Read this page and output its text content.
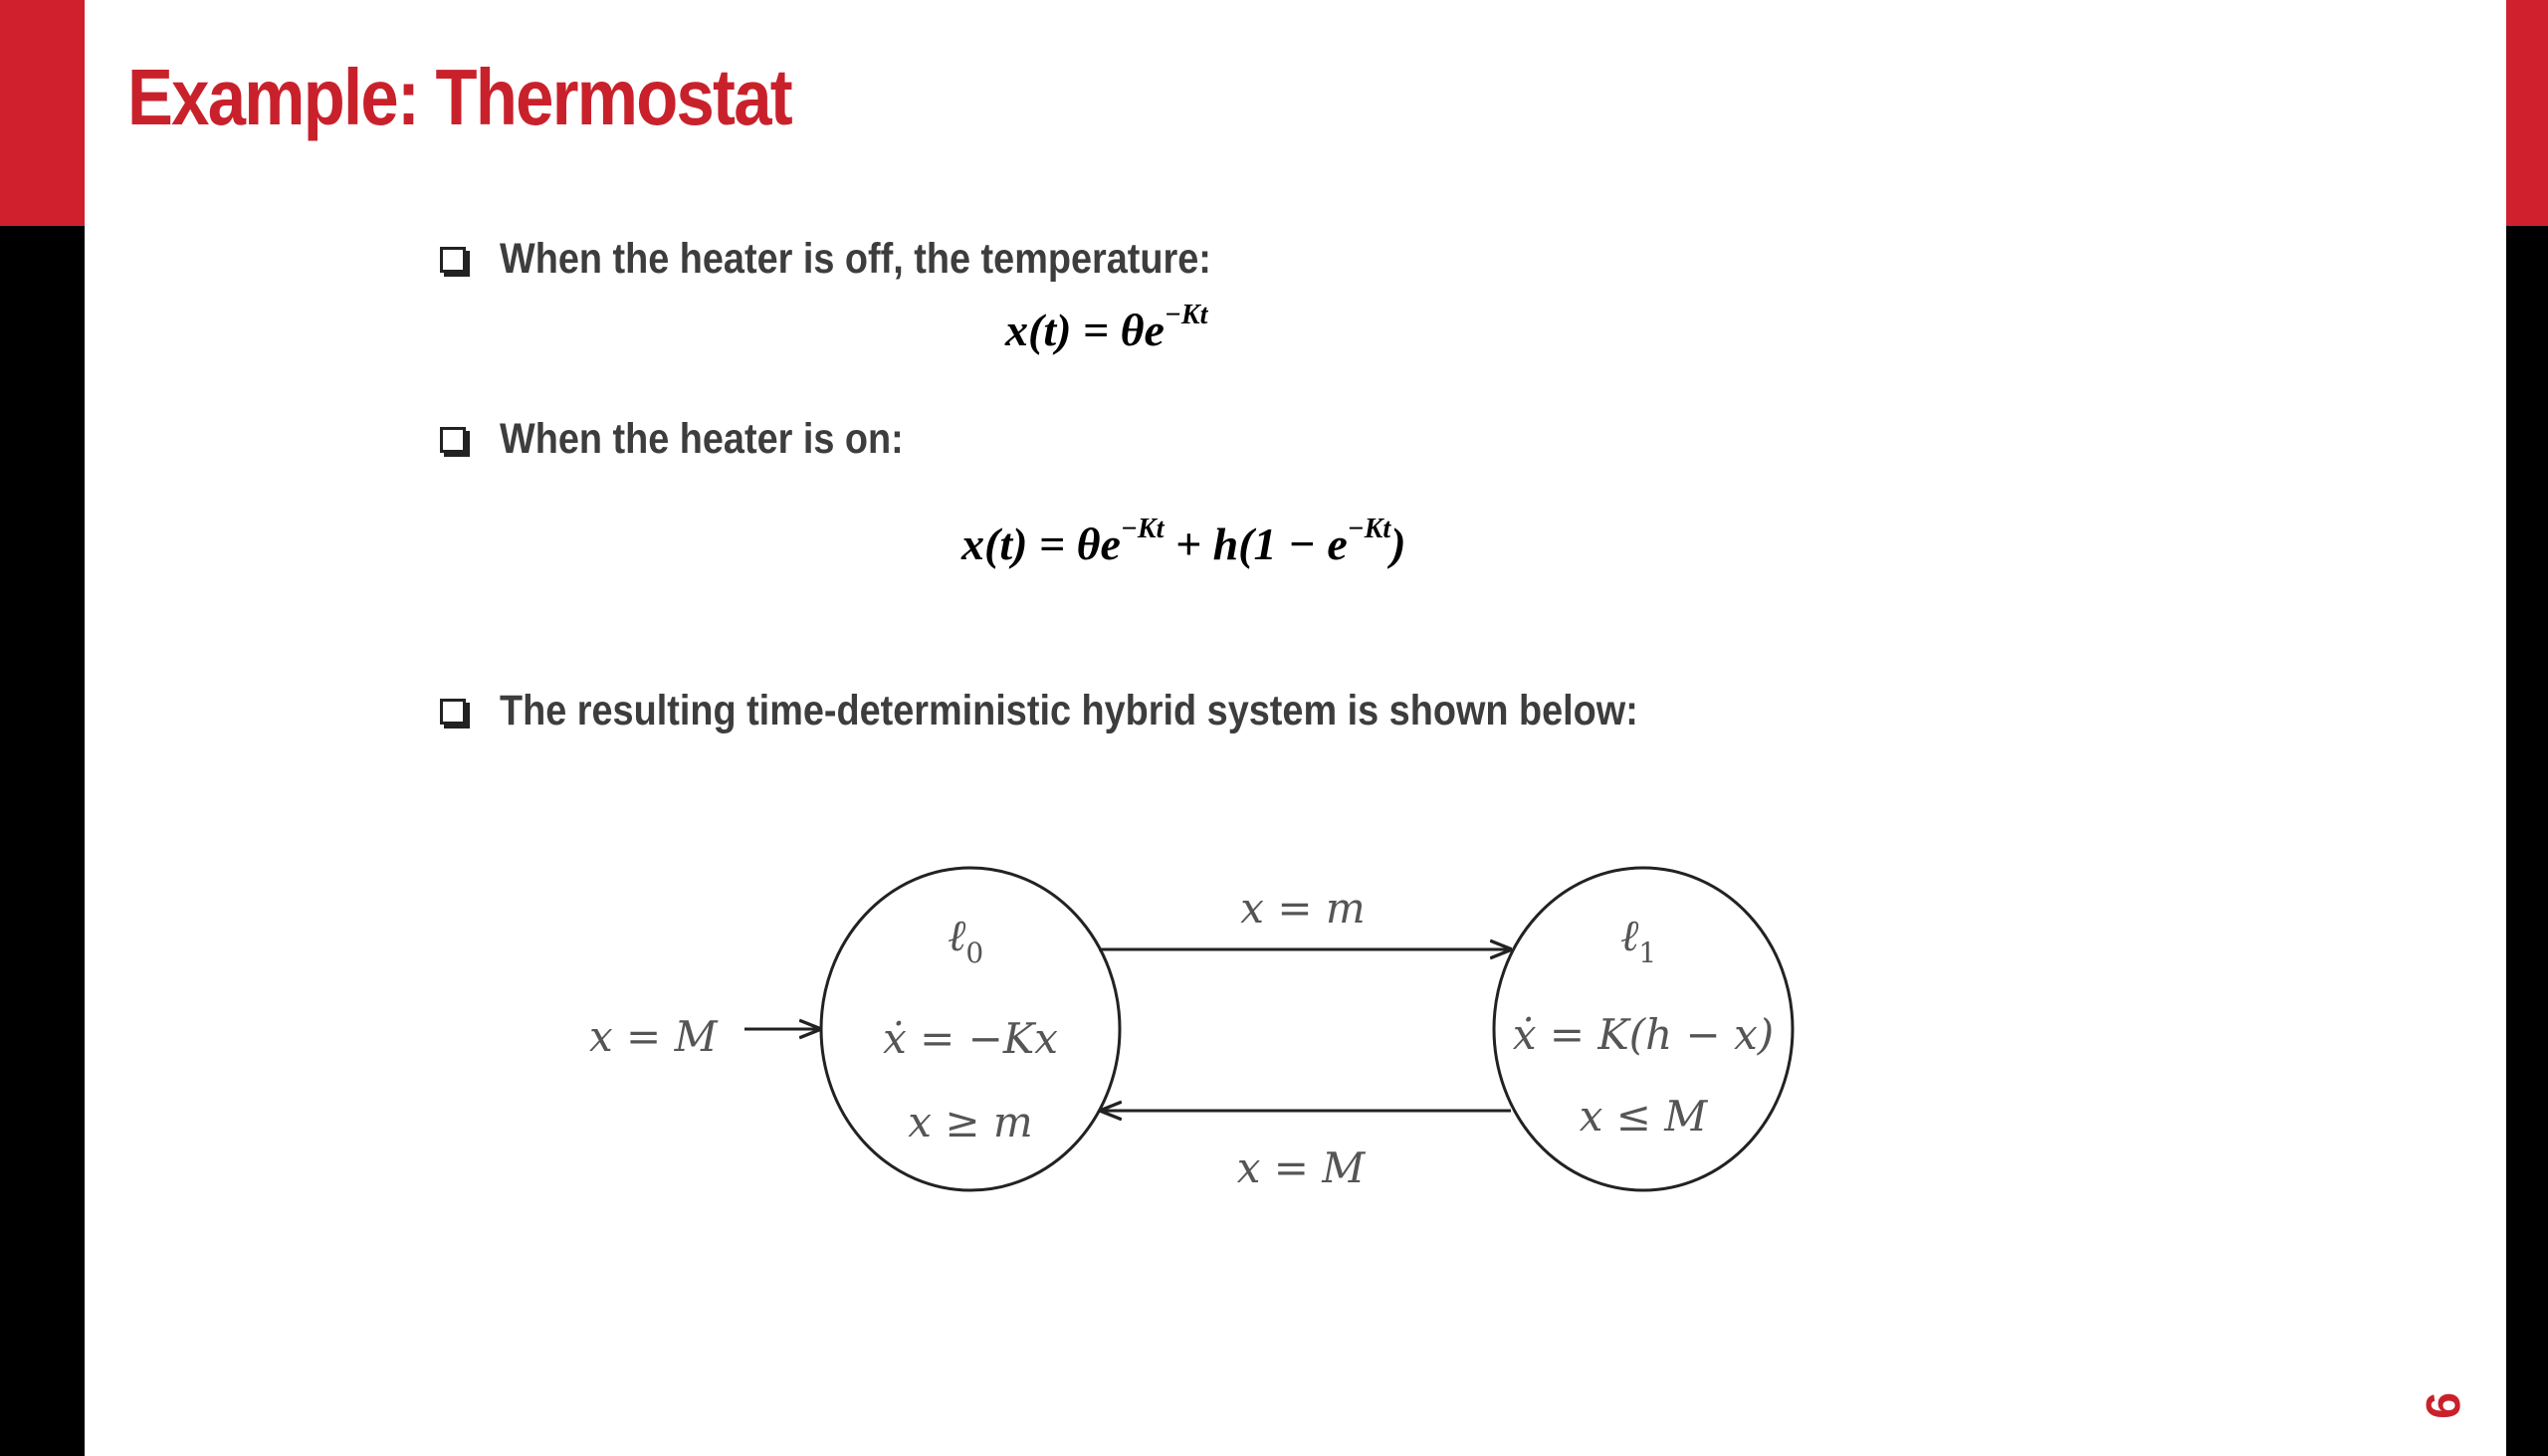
Example: Thermostat
When the heater is off, the temperature:
$x(t) = \theta e^{-Kt}$
When the heater is on:
$x(t) = \theta e^{-Kt} + h(1 - e^{-Kt})$
The resulting time-deterministic hybrid system is shown below:
x = M
ℓ$_0$
ẋ = −Kx
x ≥ m
ℓ$_1$
ẋ = K(h − x)
x ≤ M
x = m
x = M
9
